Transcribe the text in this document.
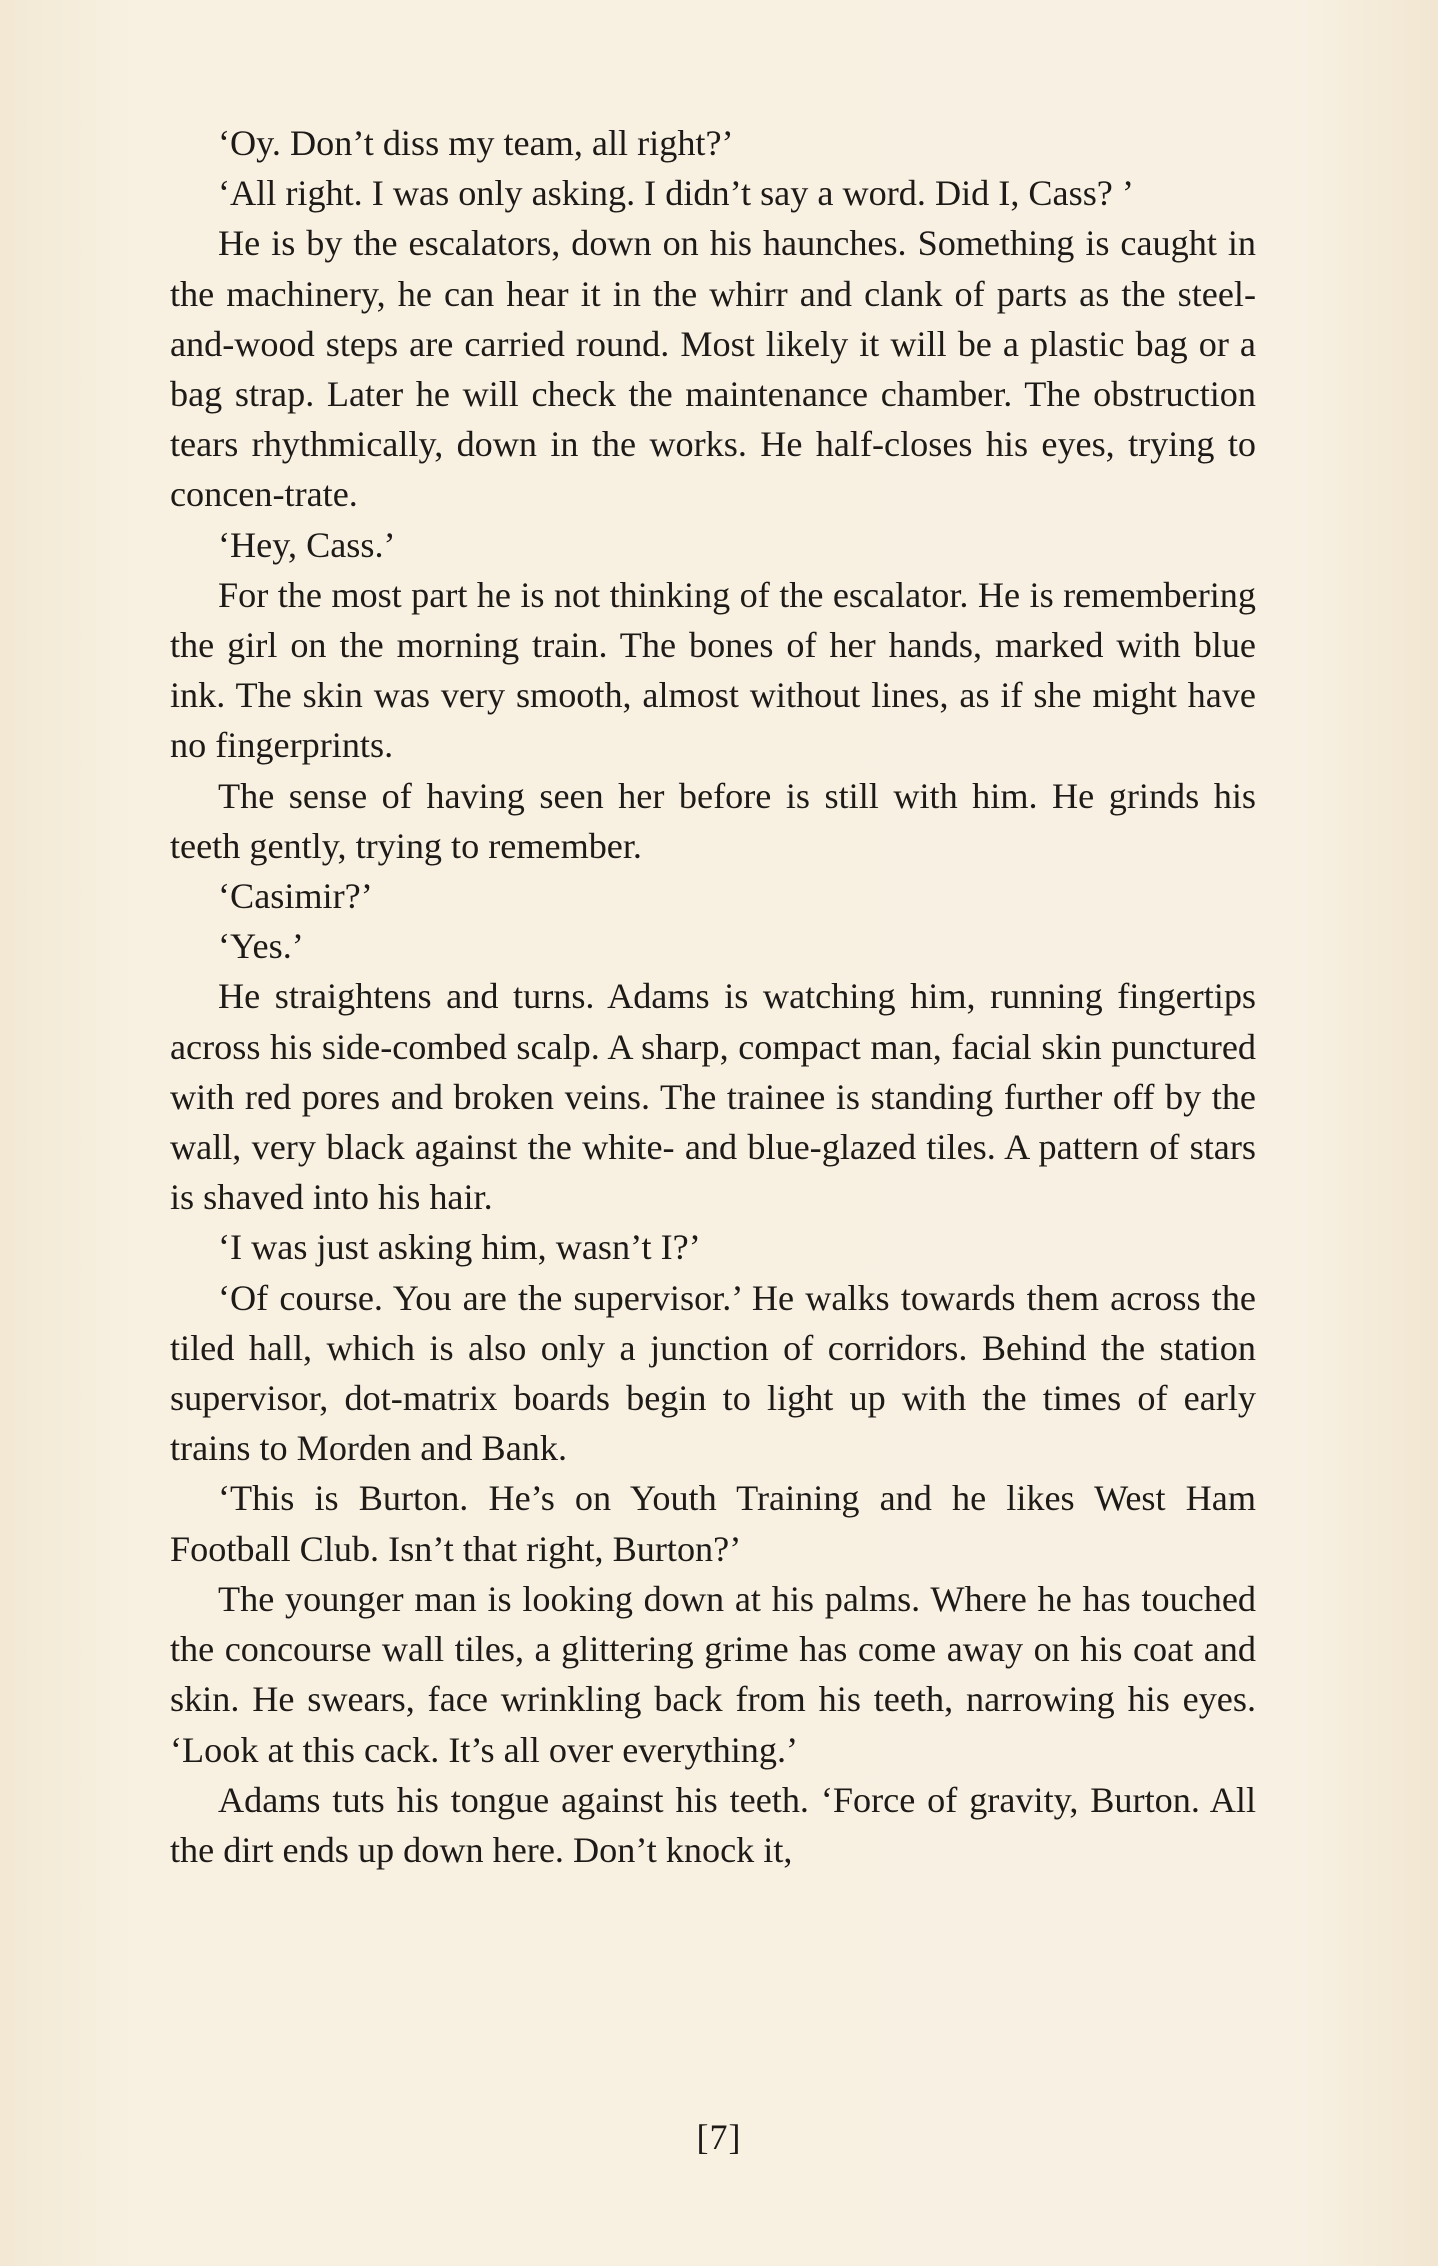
‘Oy. Don’t diss my team, all right?’

‘All right. I was only asking. I didn’t say a word. Did I, Cass? ’

He is by the escalators, down on his haunches. Something is caught in the machinery, he can hear it in the whirr and clank of parts as the steel-and-wood steps are carried round. Most likely it will be a plastic bag or a bag strap. Later he will check the maintenance chamber. The obstruction tears rhythmically, down in the works. He half-closes his eyes, trying to concen-trate.

‘Hey, Cass.’

For the most part he is not thinking of the escalator. He is remembering the girl on the morning train. The bones of her hands, marked with blue ink. The skin was very smooth, almost without lines, as if she might have no fingerprints.

The sense of having seen her before is still with him. He grinds his teeth gently, trying to remember.

‘Casimir?’

‘Yes.’

He straightens and turns. Adams is watching him, running fingertips across his side-combed scalp. A sharp, compact man, facial skin punctured with red pores and broken veins. The trainee is standing further off by the wall, very black against the white- and blue-glazed tiles. A pattern of stars is shaved into his hair.

‘I was just asking him, wasn’t I?’

‘Of course. You are the supervisor.’ He walks towards them across the tiled hall, which is also only a junction of corridors. Behind the station supervisor, dot-matrix boards begin to light up with the times of early trains to Morden and Bank.

‘This is Burton. He’s on Youth Training and he likes West Ham Football Club. Isn’t that right, Burton?’

The younger man is looking down at his palms. Where he has touched the concourse wall tiles, a glittering grime has come away on his coat and skin. He swears, face wrinkling back from his teeth, narrowing his eyes. ‘Look at this cack. It’s all over everything.’

Adams tuts his tongue against his teeth. ‘Force of gravity, Burton. All the dirt ends up down here. Don’t knock it,

[7]
